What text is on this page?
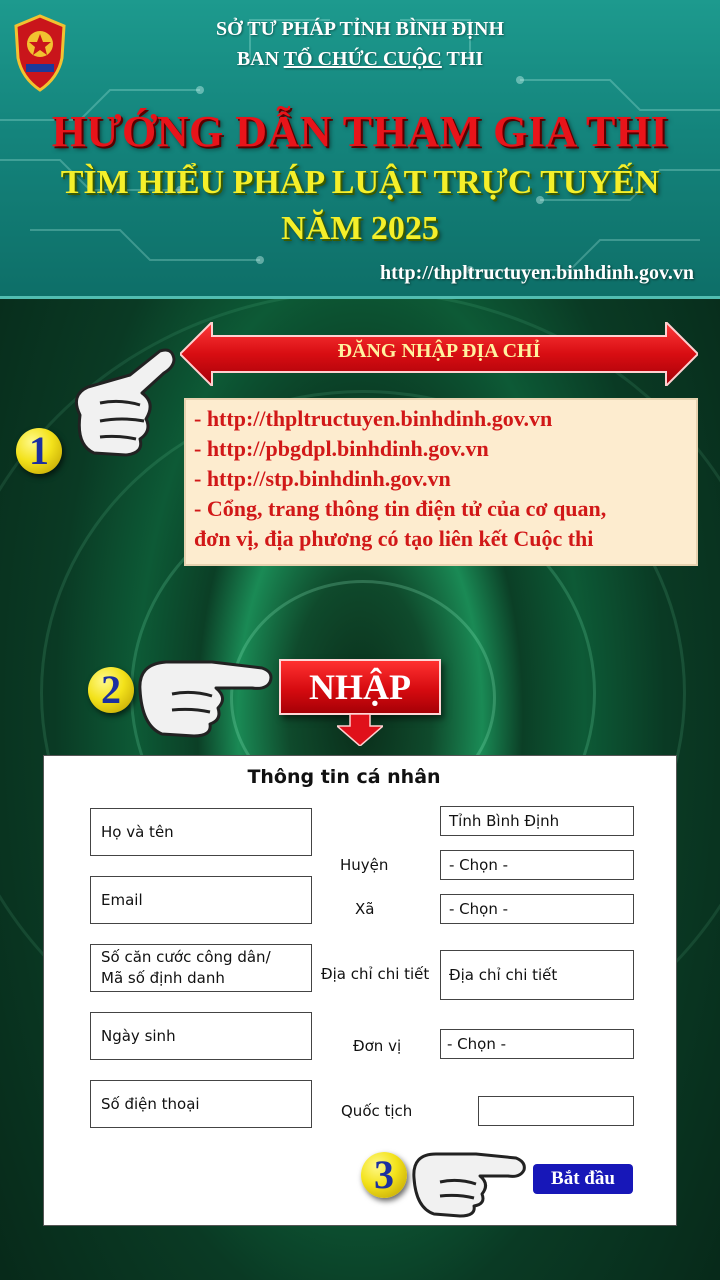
SỞ TƯ PHÁP TỈNH BÌNH ĐỊNH
BAN TỔ CHỨC CUỘC THI
HƯỚNG DẪN THAM GIA THI
TÌM HIỂU PHÁP LUẬT TRỰC TUYẾN
NĂM 2025
http://thpltructuyen.binhdinh.gov.vn
1
ĐĂNG NHẬP ĐỊA CHỈ
- http://thpltructuyen.binhdinh.gov.vn
- http://pbgdpl.binhdinh.gov.vn
- http://stp.binhdinh.gov.vn
- Cổng, trang thông tin điện tử của cơ quan,
đơn vị, địa phương có tạo liên kết Cuộc thi
2	NHẬP
Thông tin cá nhân
Họ và tên
Email
Số căn cước công dân/
Mã số định danh
Ngày sinh
Số điện thoại
Huyện
Xã
Địa chỉ chi tiết
Đơn vị
Quốc tịch
Tỉnh Bình Định
- Chọn -
- Chọn -
Địa chỉ chi tiết
- Chọn -
3	Bắt đầu
